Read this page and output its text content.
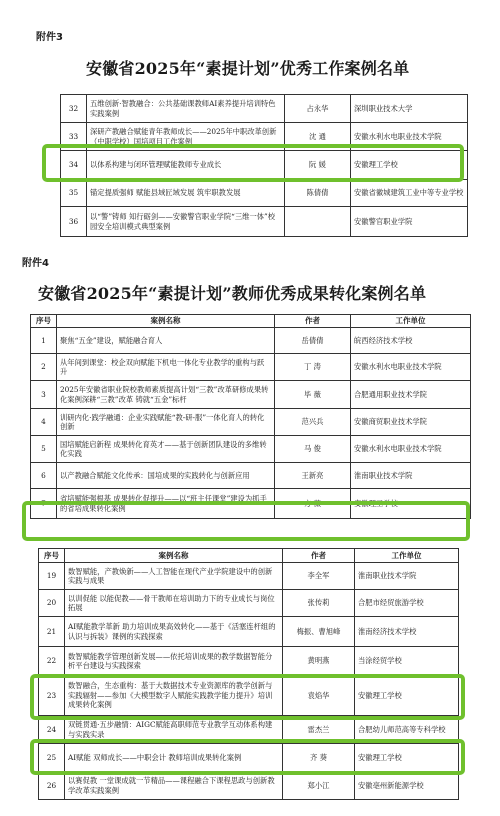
附件3
安徽省2025年“素提计划”优秀工作案例名单
32	五维创新·智教融合：公共基础课教师AI素养提升培训特色实践案例	占永华	深圳职业技术大学
33	深研产教融合赋能青年教师成长——2025年中职改革创新（中职学校）国培项目工作案例	沈 通	安徽水利水电职业技术学院
34	以体系构建与闭环管理赋能教师专业成长	阮 媛	安徽理工学校
35	锚定提质强师 赋能县域匠域发展 筑牢职教发展	陈倩倩	安徽省徽城建筑工业中等专业学校
36	以“警”铸师 知行砺剑——安徽警官职业学院“三维一体”校园安全培训模式典型案例		安徽警官职业学院
附件4
安徽省2025年“素提计划”教师优秀成果转化案例名单
序号	案例名称	作者	工作单位
1	聚焦“五金”建设，赋能融合育人	岳倩倩	皖西经济技术学校
2	从年间到课堂：校企双向赋能下机电一体化专业教学的重构与跃升	丁 涛	安徽水利水电职业技术学院
3	2025年安徽省职业院校教师素质提高计划“三教”改革研修成果转化案例深耕“三教”改革 铸就“五金”标杆	毕 薇	合肥通用职业技术学院
4	训研内化·践学融通：企业实践赋能“教-研-服”一体化育人的转化创新	范兴兵	安徽商贸职业技术学院
5	国培赋能启新程 成果转化育英才——基于创新团队建设的多维转化实践	马 俊	安徽水利水电职业技术学院
6	以产教融合赋能文化传承：国培成果的实践转化与创新应用	王新亮	淮南职业技术学院
7	省培赋能强根基 成果转化促提升——以“班主任课堂”建设为抓手的省培成果转化案例	方 薇	安徽理工学校
序号	案例名称	作者	工作单位
19	数智赋能，产教焕新——人工智能在现代产业学院建设中的创新实践与成果	李全军	淮南职业技术学院
20	以训促能 以能促教——骨干教师在培训助力下的专业成长与岗位拓展	张传莉	合肥市经贸旅游学校
21	AI赋能教学革新 助力培训成果高效转化——基于《活塞连杆组的认识与拆装》课例的实践探索	梅振、曹旭峰	淮南经济技术学校
22	数智赋能教学管理创新发展——依托培训成果的教学数据智能分析平台建设与实践探索	黄明燕	当涂经贸学校
23	数智融合，生态重构：基于大数据技术专业资源库的教学创新与实践辐射——参加《大模型数字人赋能实践教学能力提升》培训成果转化案例	袁焰华	安徽理工学校
24	双链贯通·五步融情：AIGC赋能高职师范专业教学互动体系构建与实践实录	雷杰兰	合肥幼儿师范高等专科学校
25	AI赋能 双师成长——中职会计 教师培训成果转化案例	齐 葵	安徽理工学校
26	以赛促教 一堂课成就一节精品——课程融合下课程思政与创新教学改革实践案例	郑小江	安徽亳州新能源学校
